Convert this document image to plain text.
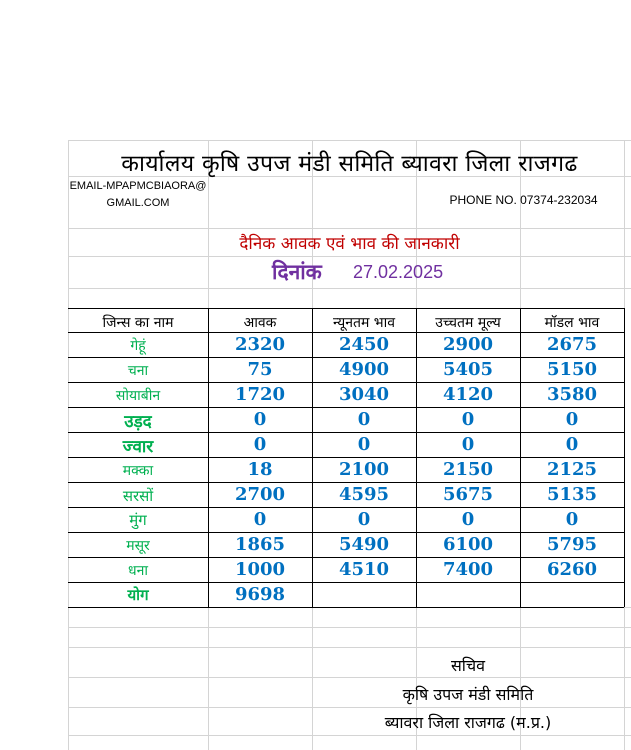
कार्यालय कृषि उपज मंडी समिति ब्यावरा जिला राजगढ
EMAIL-MPAPMCBIAORA@GMAIL.COM	PHONE NO. 07374-232034
दैनिक आवक एवं भाव की जानकारी
दिनांक 27.02.2025
जिन्स का नाम	आवक	न्यूनतम भाव	उच्चतम मूल्य	मॉडल भाव
गेहूं	2320	2450	2900	2675
चना	75	4900	5405	5150
सोयाबीन	1720	3040	4120	3580
उड़द	0	0	0	0
ज्वार	0	0	0	0
मक्का	18	2100	2150	2125
सरसों	2700	4595	5675	5135
मुंग	0	0	0	0
मसूर	1865	5490	6100	5795
धना	1000	4510	7400	6260
योग	9698
सचिव
कृषि उपज मंडी समिति
ब्यावरा जिला राजगढ (म.प्र.)
